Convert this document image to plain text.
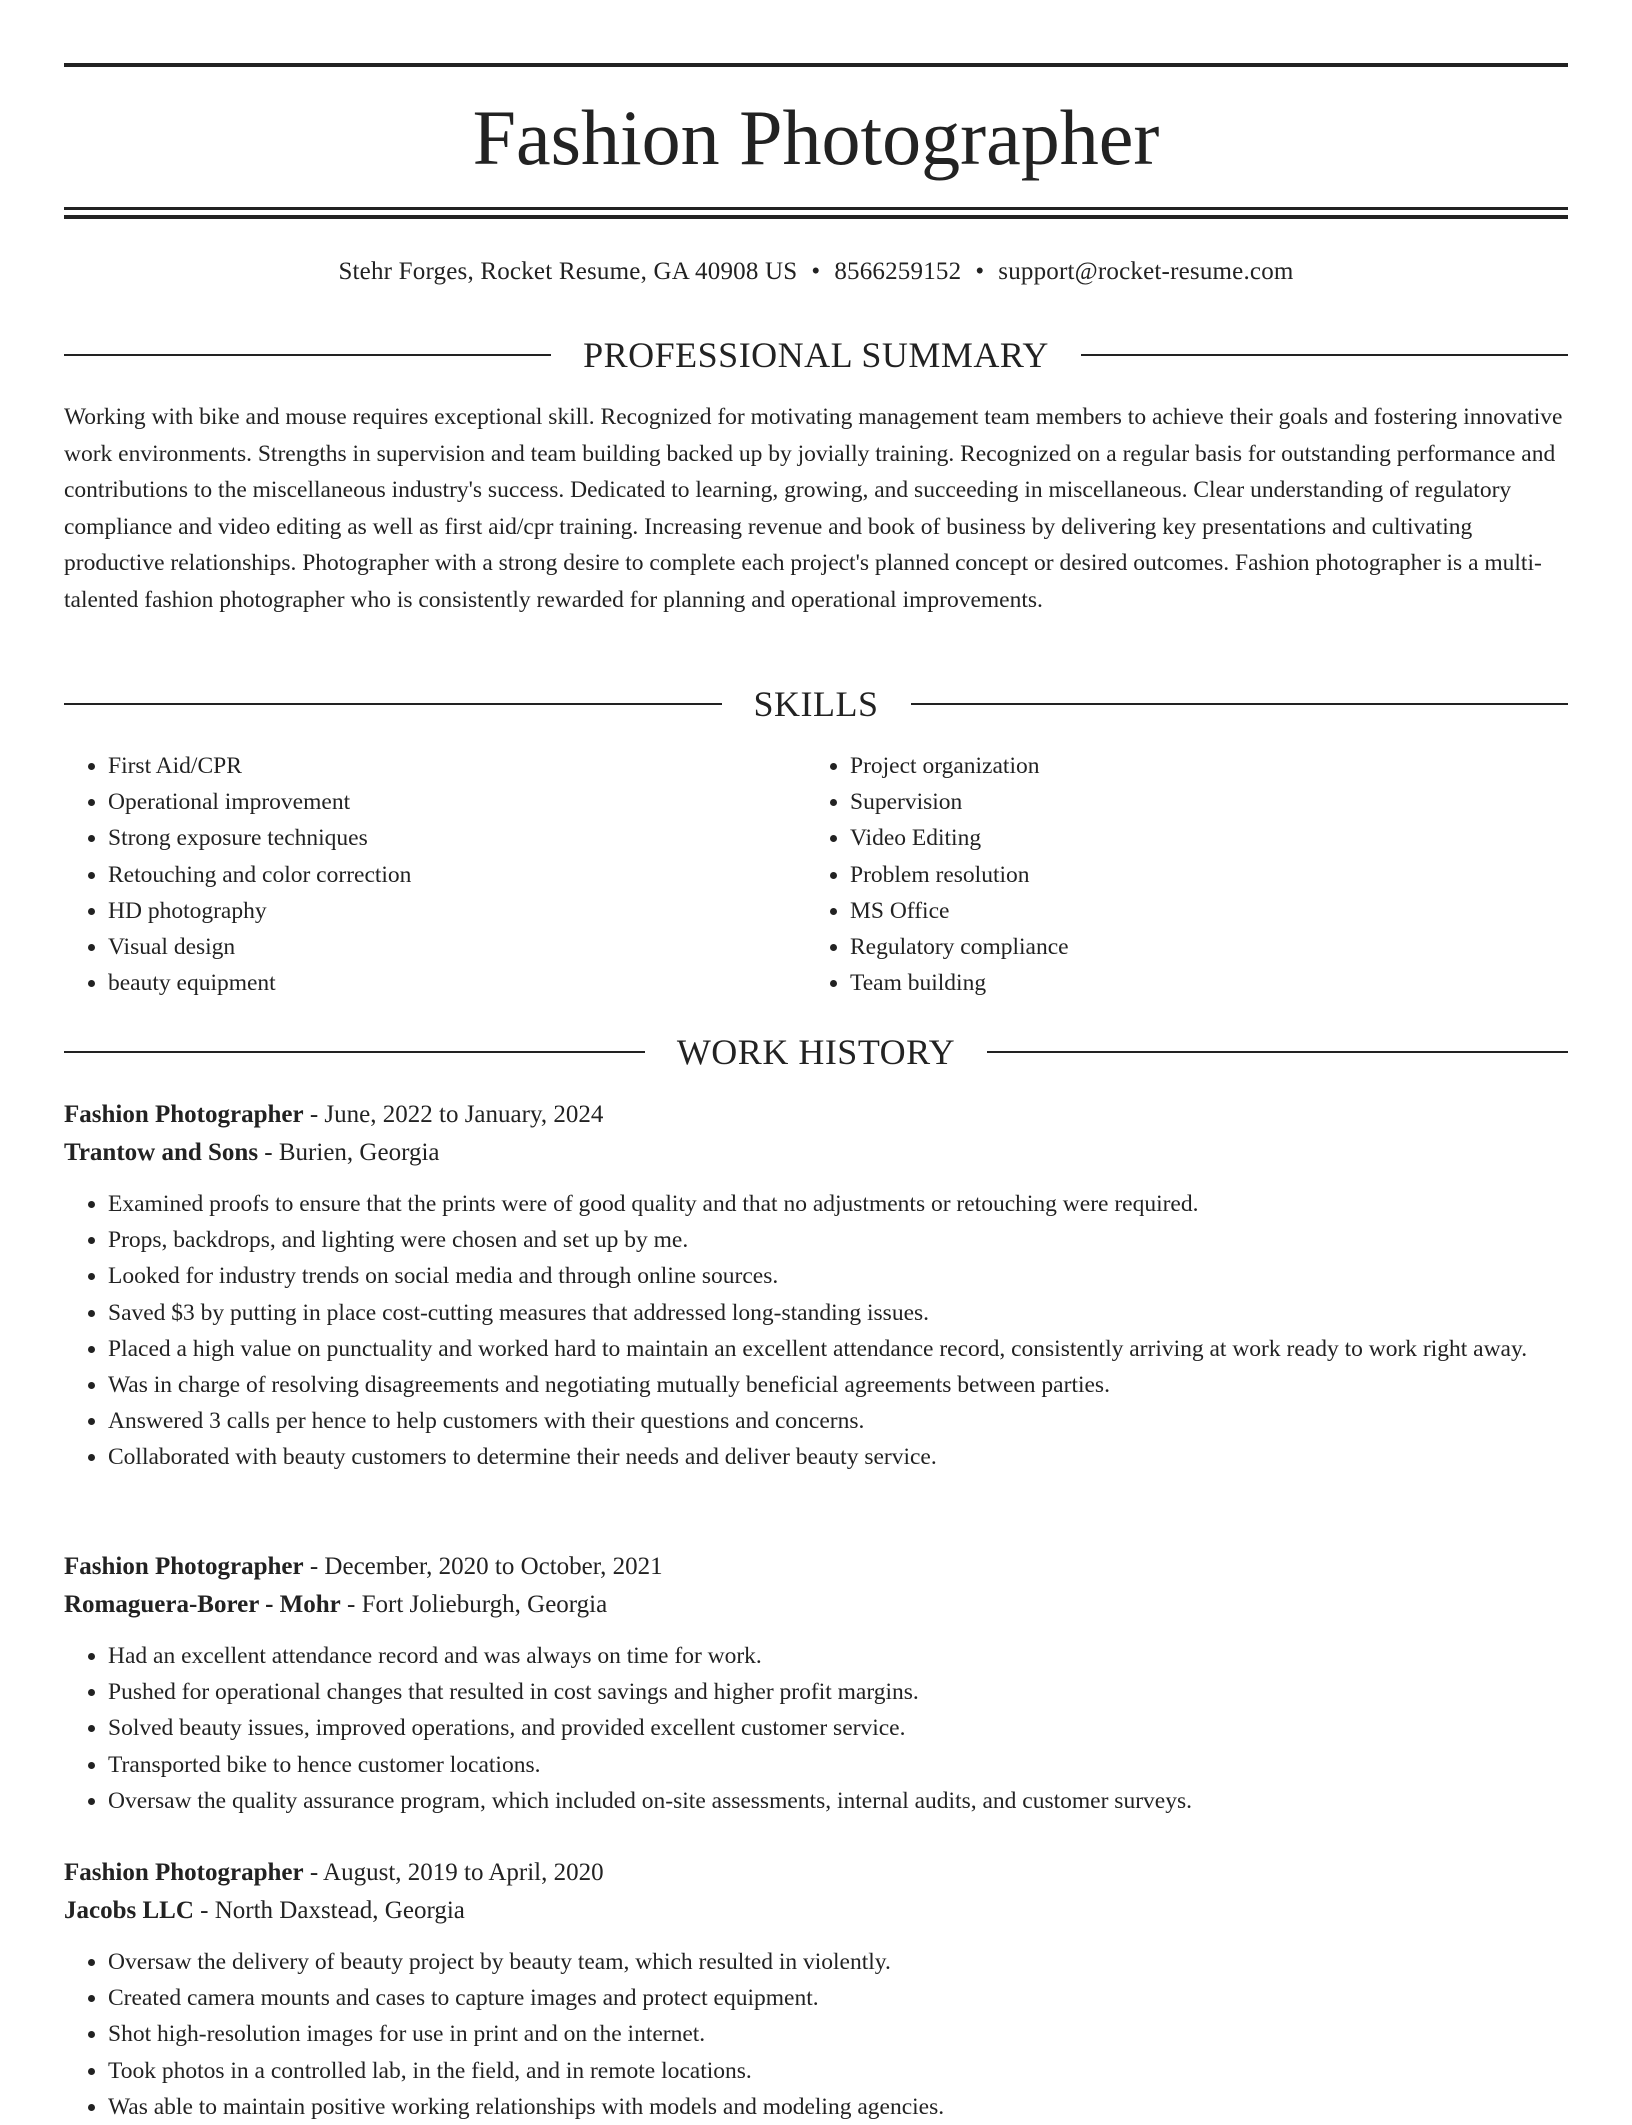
Fashion Photographer
Stehr Forges, Rocket Resume, GA 40908 US • 8566259152 • support@rocket-resume.com
PROFESSIONAL SUMMARY
Working with bike and mouse requires exceptional skill. Recognized for motivating management team members to achieve their goals and fostering innovative work environments. Strengths in supervision and team building backed up by jovially training. Recognized on a regular basis for outstanding performance and contributions to the miscellaneous industry's success. Dedicated to learning, growing, and succeeding in miscellaneous. Clear understanding of regulatory compliance and video editing as well as first aid/cpr training. Increasing revenue and book of business by delivering key presentations and cultivating productive relationships. Photographer with a strong desire to complete each project's planned concept or desired outcomes. Fashion photographer is a multi-talented fashion photographer who is consistently rewarded for planning and operational improvements.
SKILLS
• First Aid/CPR
• Operational improvement
• Strong exposure techniques
• Retouching and color correction
• HD photography
• Visual design
• beauty equipment
• Project organization
• Supervision
• Video Editing
• Problem resolution
• MS Office
• Regulatory compliance
• Team building
WORK HISTORY
Fashion Photographer - June, 2022 to January, 2024
Trantow and Sons - Burien, Georgia
• Examined proofs to ensure that the prints were of good quality and that no adjustments or retouching were required.
• Props, backdrops, and lighting were chosen and set up by me.
• Looked for industry trends on social media and through online sources.
• Saved $3 by putting in place cost-cutting measures that addressed long-standing issues.
• Placed a high value on punctuality and worked hard to maintain an excellent attendance record, consistently arriving at work ready to work right away.
• Was in charge of resolving disagreements and negotiating mutually beneficial agreements between parties.
• Answered 3 calls per hence to help customers with their questions and concerns.
• Collaborated with beauty customers to determine their needs and deliver beauty service.
Fashion Photographer - December, 2020 to October, 2021
Romaguera-Borer - Mohr - Fort Jolieburgh, Georgia
• Had an excellent attendance record and was always on time for work.
• Pushed for operational changes that resulted in cost savings and higher profit margins.
• Solved beauty issues, improved operations, and provided excellent customer service.
• Transported bike to hence customer locations.
• Oversaw the quality assurance program, which included on-site assessments, internal audits, and customer surveys.
Fashion Photographer - August, 2019 to April, 2020
Jacobs LLC - North Daxstead, Georgia
• Oversaw the delivery of beauty project by beauty team, which resulted in violently.
• Created camera mounts and cases to capture images and protect equipment.
• Shot high-resolution images for use in print and on the internet.
• Took photos in a controlled lab, in the field, and in remote locations.
• Was able to maintain positive working relationships with models and modeling agencies.
